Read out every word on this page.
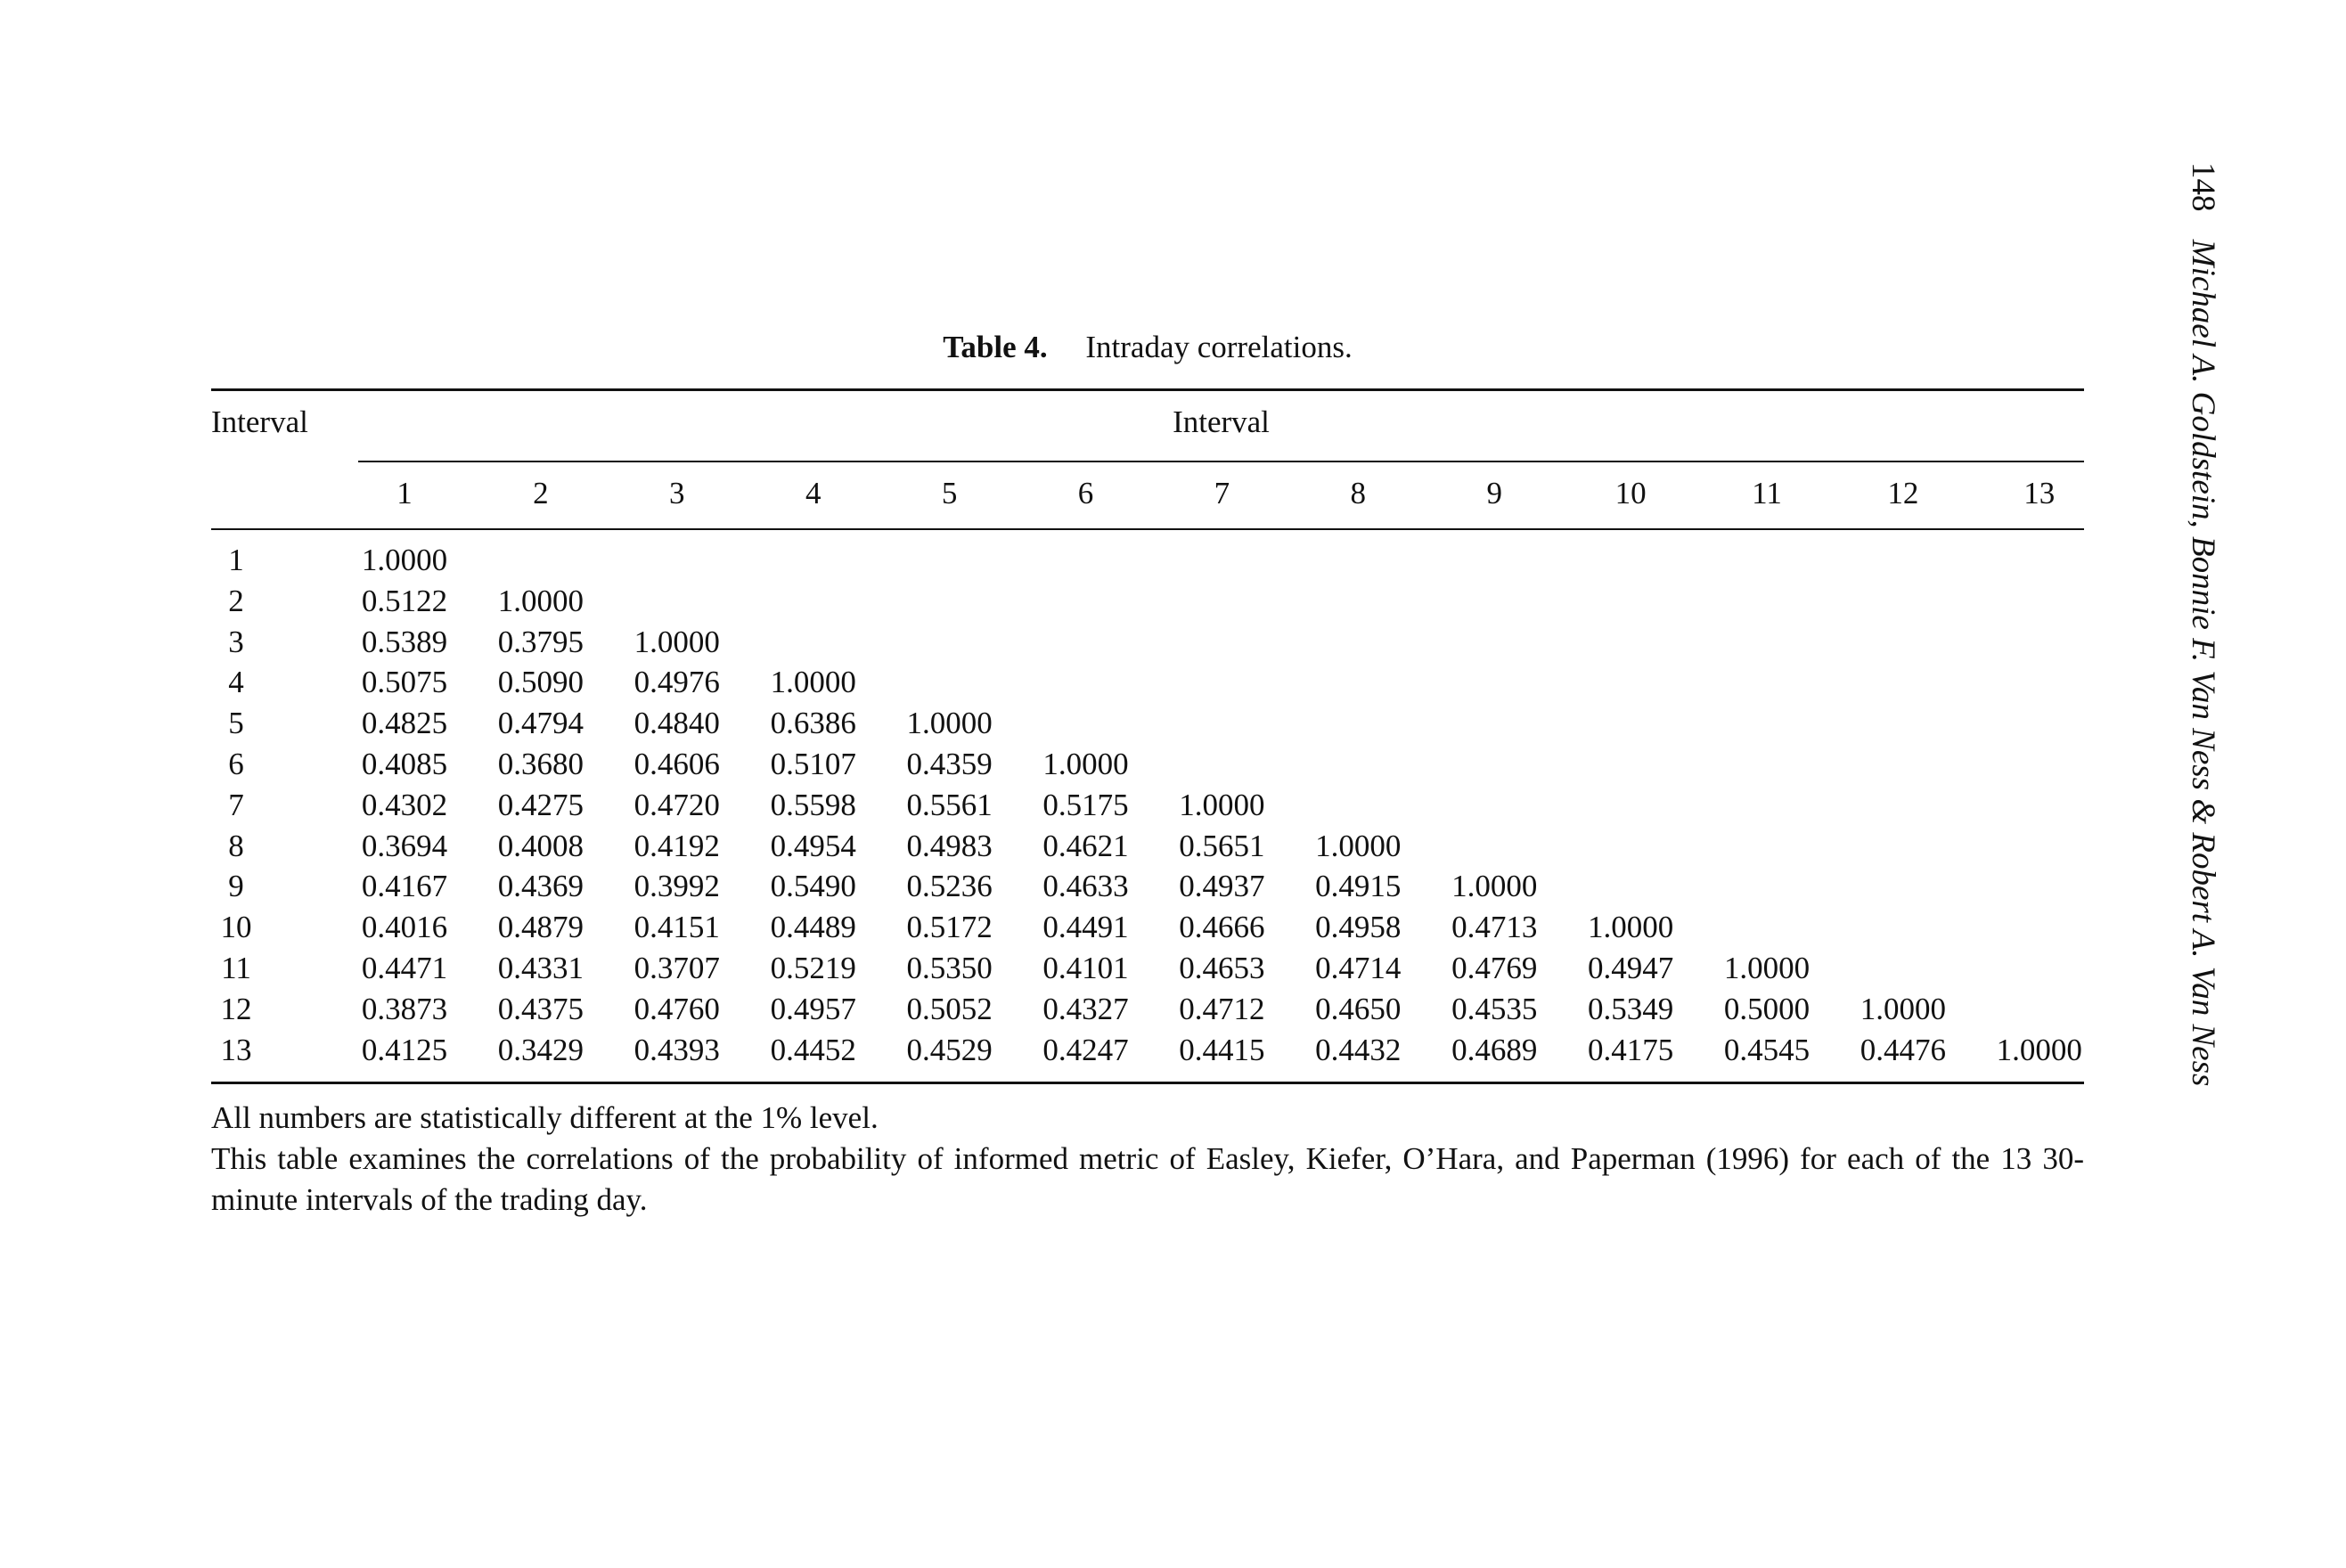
148 Michael A. Goldstein, Bonnie F. Van Ness & Robert A. Van Ness
Table 4. Intraday correlations.
Interval	Interval
1	2	3	4	5	6	7	8	9	10	11	12	13
1	1.0000
2	0.5122 1.0000
3	0.5389 0.3795 1.0000
4	0.5075 0.5090 0.4976 1.0000
5	0.4825 0.4794 0.4840 0.6386 1.0000
6	0.4085 0.3680 0.4606 0.5107 0.4359 1.0000
7	0.4302 0.4275 0.4720 0.5598 0.5561 0.5175 1.0000
8	0.3694 0.4008 0.4192 0.4954 0.4983 0.4621 0.5651 1.0000
9	0.4167 0.4369 0.3992 0.5490 0.5236 0.4633 0.4937 0.4915 1.0000
10	0.4016 0.4879 0.4151 0.4489 0.5172 0.4491 0.4666 0.4958 0.4713 1.0000
11	0.4471 0.4331 0.3707 0.5219 0.5350 0.4101 0.4653 0.4714 0.4769 0.4947 1.0000
12	0.3873 0.4375 0.4760 0.4957 0.5052 0.4327 0.4712 0.4650 0.4535 0.5349 0.5000 1.0000
13	0.4125 0.3429 0.4393 0.4452 0.4529 0.4247 0.4415 0.4432 0.4689 0.4175 0.4545 0.4476 1.0000

All numbers are statistically different at the 1% level.

This table examines the correlations of the probability of informed metric of Easley, Kiefer, O’Hara, and Paperman (1996) for each of the 13 30-minute intervals of the trading day.
